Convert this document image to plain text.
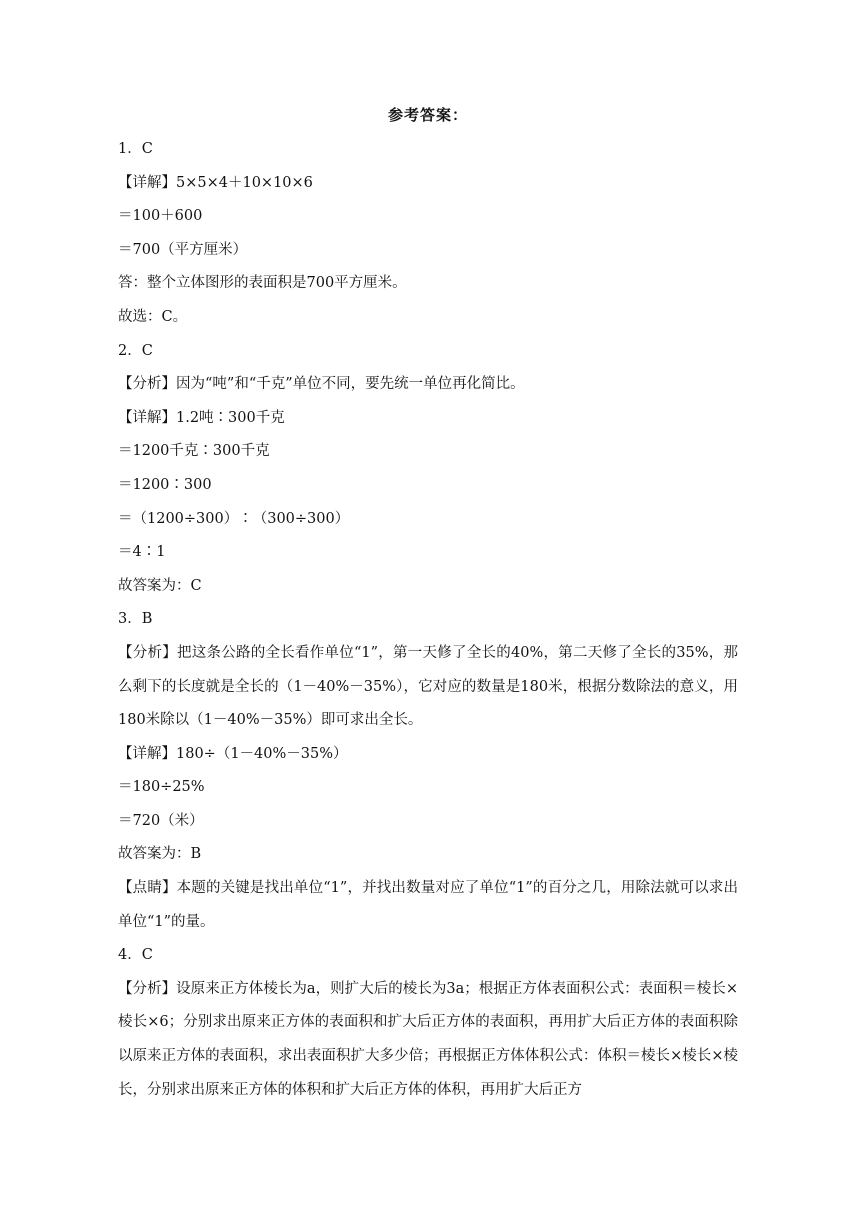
参考答案：
1．C
【详解】5×5×4＋10×10×6
＝100＋600
＝700（平方厘米）
答：整个立体图形的表面积是700平方厘米。
故选：C。
2．C
【分析】因为“吨”和“千克”单位不同，要先统一单位再化简比。
【详解】1.2吨∶300千克
＝1200千克∶300千克
＝1200∶300
＝（1200÷300）∶（300÷300）
＝4∶1
故答案为：C
3．B
【分析】把这条公路的全长看作单位“1”，第一天修了全长的40%，第二天修了全长的35%，那么剩下的长度就是全长的（1－40%－35%），它对应的数量是180米，根据分数除法的意义，用180米除以（1－40%－35%）即可求出全长。
【详解】180÷（1－40%－35%）
＝180÷25%
＝720（米）
故答案为：B
【点睛】本题的关键是找出单位“1”，并找出数量对应了单位“1”的百分之几，用除法就可以求出单位“1”的量。
4．C
【分析】设原来正方体棱长为a，则扩大后的棱长为3a；根据正方体表面积公式：表面积＝棱长×棱长×6；分别求出原来正方体的表面积和扩大后正方体的表面积，再用扩大后正方体的表面积除以原来正方体的表面积，求出表面积扩大多少倍；再根据正方体体积公式：体积＝棱长×棱长×棱长，分别求出原来正方体的体积和扩大后正方体的体积，再用扩大后正方
